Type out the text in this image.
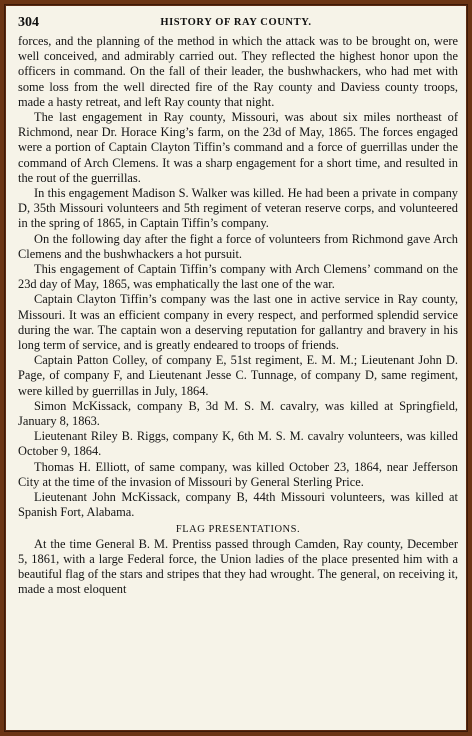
304	HISTORY OF RAY COUNTY.

forces, and the planning of the method in which the attack was to be brought on, were well conceived, and admirably carried out. They reflected the highest honor upon the officers in command. On the fall of their leader, the bushwhackers, who had met with some loss from the well directed fire of the Ray county and Daviess county troops, made a hasty retreat, and left Ray county that night.

The last engagement in Ray county, Missouri, was about six miles northeast of Richmond, near Dr. Horace King’s farm, on the 23d of May, 1865. The forces engaged were a portion of Captain Clayton Tiffin’s command and a force of guerrillas under the command of Arch Clemens. It was a sharp engagement for a short time, and resulted in the rout of the guerrillas.

In this engagement Madison S. Walker was killed. He had been a private in company D, 35th Missouri volunteers and 5th regiment of veteran reserve corps, and volunteered in the spring of 1865, in Captain Tiffin’s company.

On the following day after the fight a force of volunteers from Richmond gave Arch Clemens and the bushwhackers a hot pursuit.

This engagement of Captain Tiffin’s company with Arch Clemens’ command on the 23d day of May, 1865, was emphatically the last one of the war.

Captain Clayton Tiffin’s company was the last one in active service in Ray county, Missouri. It was an efficient company in every respect, and performed splendid service during the war. The captain won a deserving reputation for gallantry and bravery in his long term of service, and is greatly endeared to troops of friends.

Captain Patton Colley, of company E, 51st regiment, E. M. M.; Lieutenant John D. Page, of company F, and Lieutenant Jesse C. Tunnage, of company D, same regiment, were killed by guerrillas in July, 1864.

Simon McKissack, company B, 3d M. S. M. cavalry, was killed at Springfield, January 8, 1863.

Lieutenant Riley B. Riggs, company K, 6th M. S. M. cavalry volunteers, was killed October 9, 1864.

Thomas H. Elliott, of same company, was killed October 23, 1864, near Jefferson City at the time of the invasion of Missouri by General Sterling Price.

Lieutenant John McKissack, company B, 44th Missouri volunteers, was killed at Spanish Fort, Alabama.

FLAG PRESENTATIONS.

At the time General B. M. Prentiss passed through Camden, Ray county, December 5, 1861, with a large Federal force, the Union ladies of the place presented him with a beautiful flag of the stars and stripes that they had wrought. The general, on receiving it, made a most eloquent
